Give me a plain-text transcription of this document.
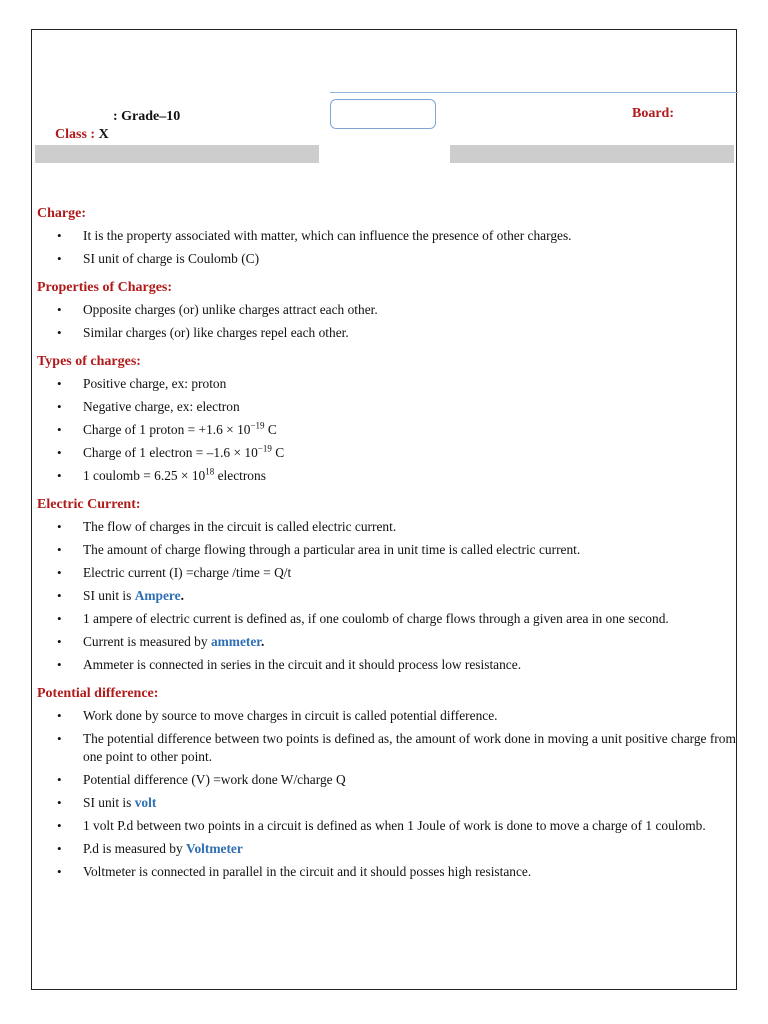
: Grade–10
Class : X
Board:
Charge:
• It is the property associated with matter, which can influence the presence of other charges.
• SI unit of charge is Coulomb (C)
Properties of Charges:
• Opposite charges (or) unlike charges attract each other.
• Similar charges (or) like charges repel each other.
Types of charges:
• Positive charge, ex: proton
• Negative charge, ex: electron
• Charge of 1 proton = $+1.6 \times 10^{-19}$ C
• Charge of 1 electron = $-1.6 \times 10^{-19}$ C
• 1 coulomb = $6.25 \times 10^{18}$ electrons
Electric Current:
• The flow of charges in the circuit is called electric current.
• The amount of charge flowing through a particular area in unit time is called electric current.
• Electric current (I) =charge /time = Q/t
• SI unit is Ampere.
• 1 ampere of electric current is defined as, if one coulomb of charge flows through a given area in one second.
• Current is measured by ammeter.
• Ammeter is connected in series in the circuit and it should process low resistance.
Potential difference:
• Work done by source to move charges in circuit is called potential difference.
• The potential difference between two points is defined as, the amount of work done in moving a unit positive charge from one point to other point.
• Potential difference (V) =work done W/charge Q
• SI unit is volt
• 1 volt P.d between two points in a circuit is defined as when 1 Joule of work is done to move a charge of 1 coulomb.
• P.d is measured by Voltmeter
• Voltmeter is connected in parallel in the circuit and it should posses high resistance.
